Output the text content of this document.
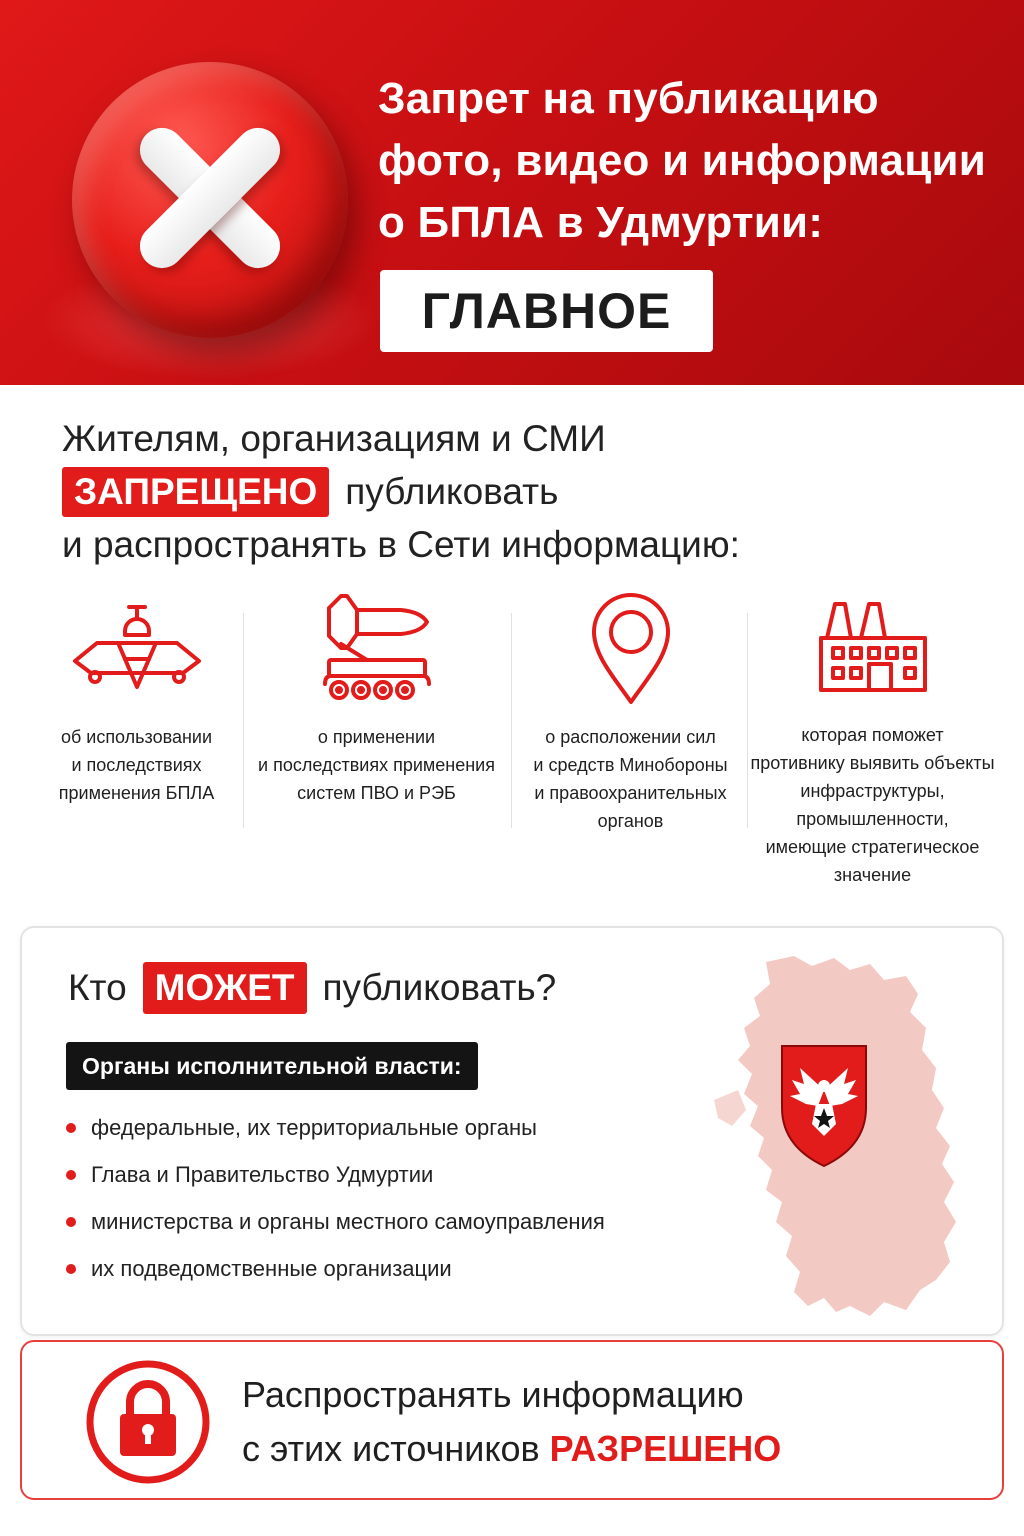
Запрет на публикацию
фото, видео и информации
о БПЛА в Удмуртии:
ГЛАВНОЕ
Жителям, организациям и СМИ
ЗАПРЕЩЕНО публиковать
и распространять в Сети информацию:
об использовании
и последствиях
применения БПЛА
о применении
и последствиях применения
систем ПВО и РЭБ
о расположении сил
и средств Минобороны
и правоохранительных
органов
которая поможет
противнику выявить объекты
инфраструктуры,
промышленности,
имеющие стратегическое
значение
Кто МОЖЕТ публиковать?
Органы исполнительной власти:
федеральные, их территориальные органы
Глава и Правительство Удмуртии
министерства и органы местного самоуправления
их подведомственные организации
Распространять информацию
с этих источников РАЗРЕШЕНО
